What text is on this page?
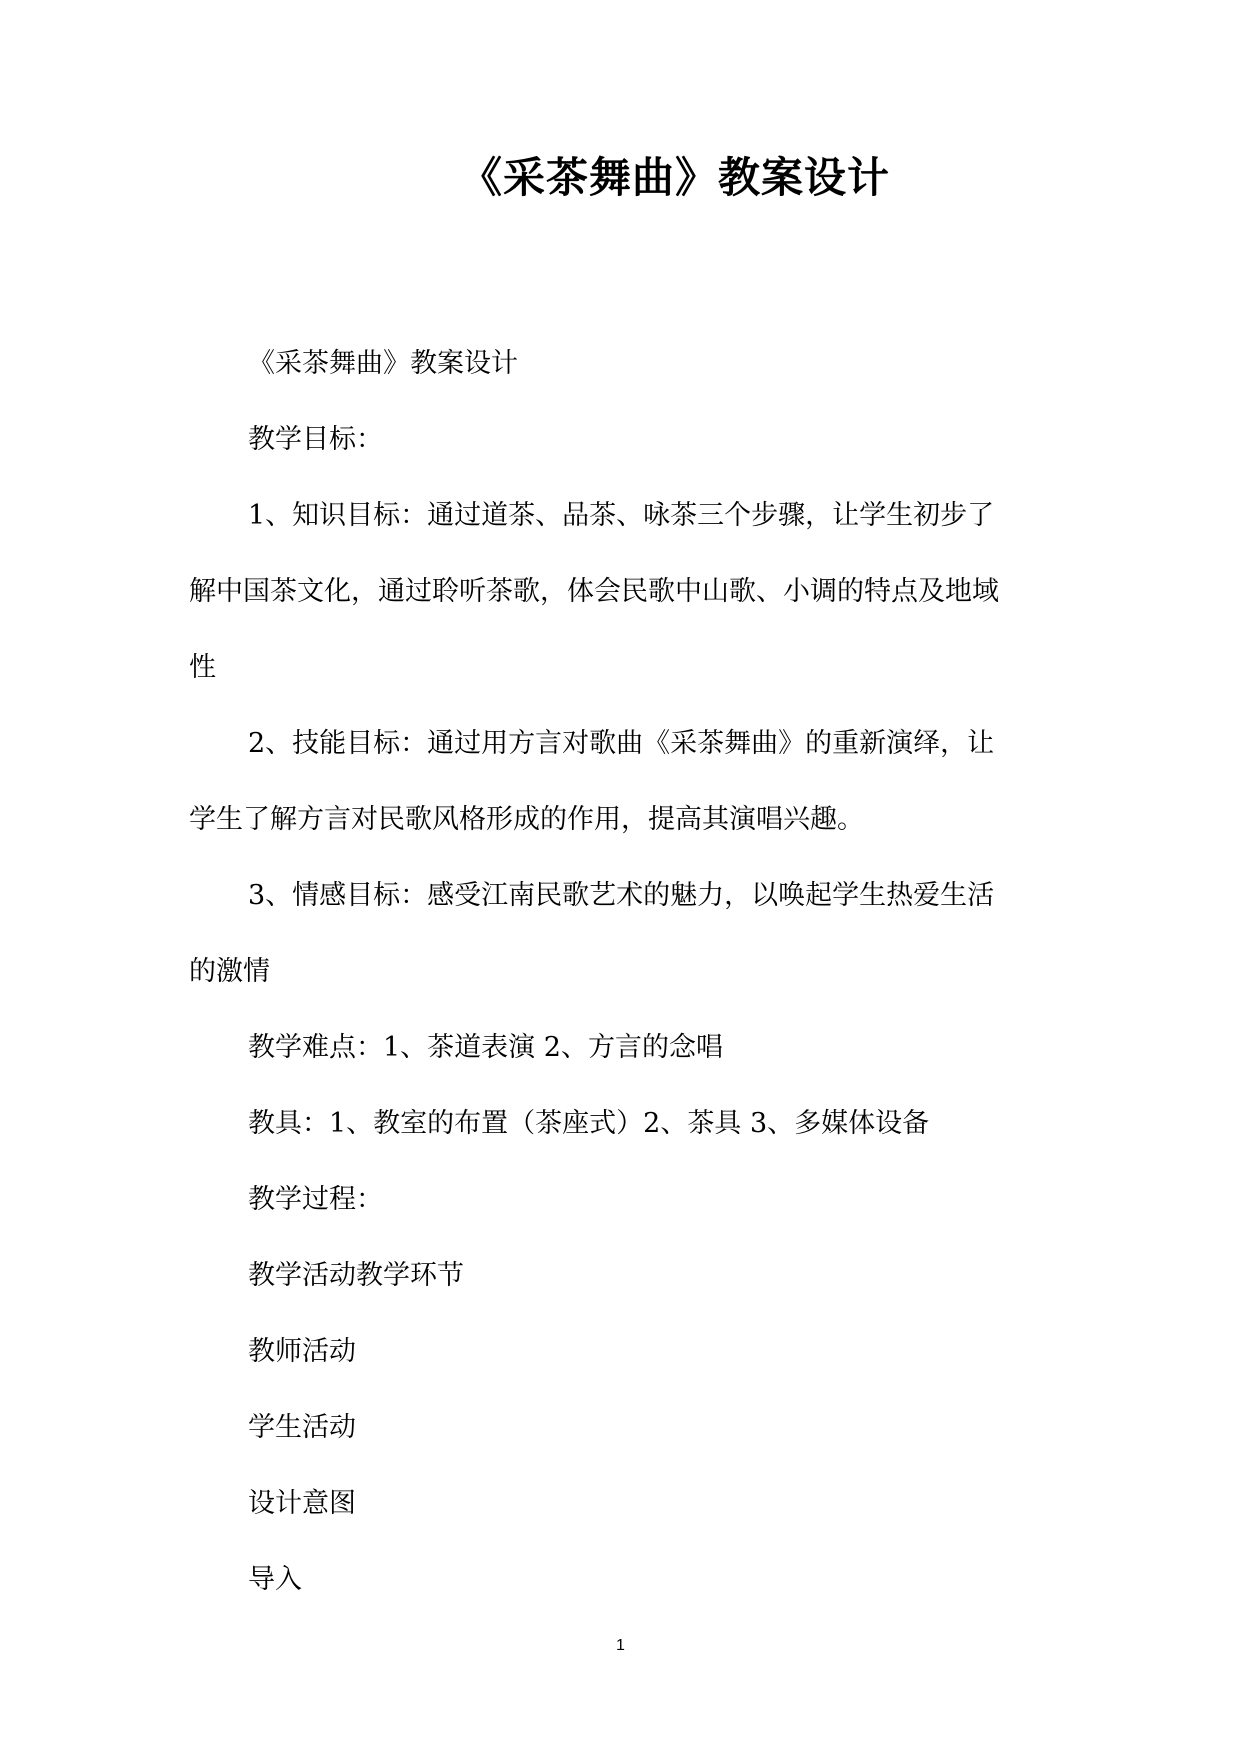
《采茶舞曲》教案设计

《采茶舞曲》教案设计

教学目标：

1、知识目标：通过道茶、品茶、咏茶三个步骤，让学生初步了

解中国茶文化，通过聆听茶歌，体会民歌中山歌、小调的特点及地域

性

2、技能目标：通过用方言对歌曲《采茶舞曲》的重新演绎，让

学生了解方言对民歌风格形成的作用，提高其演唱兴趣。

3、情感目标：感受江南民歌艺术的魅力，以唤起学生热爱生活

的激情

教学难点：1、茶道表演 2、方言的念唱

教具：1、教室的布置（茶座式）2、茶具 3、多媒体设备

教学过程：

教学活动教学环节

教师活动

学生活动

设计意图

导入

1
